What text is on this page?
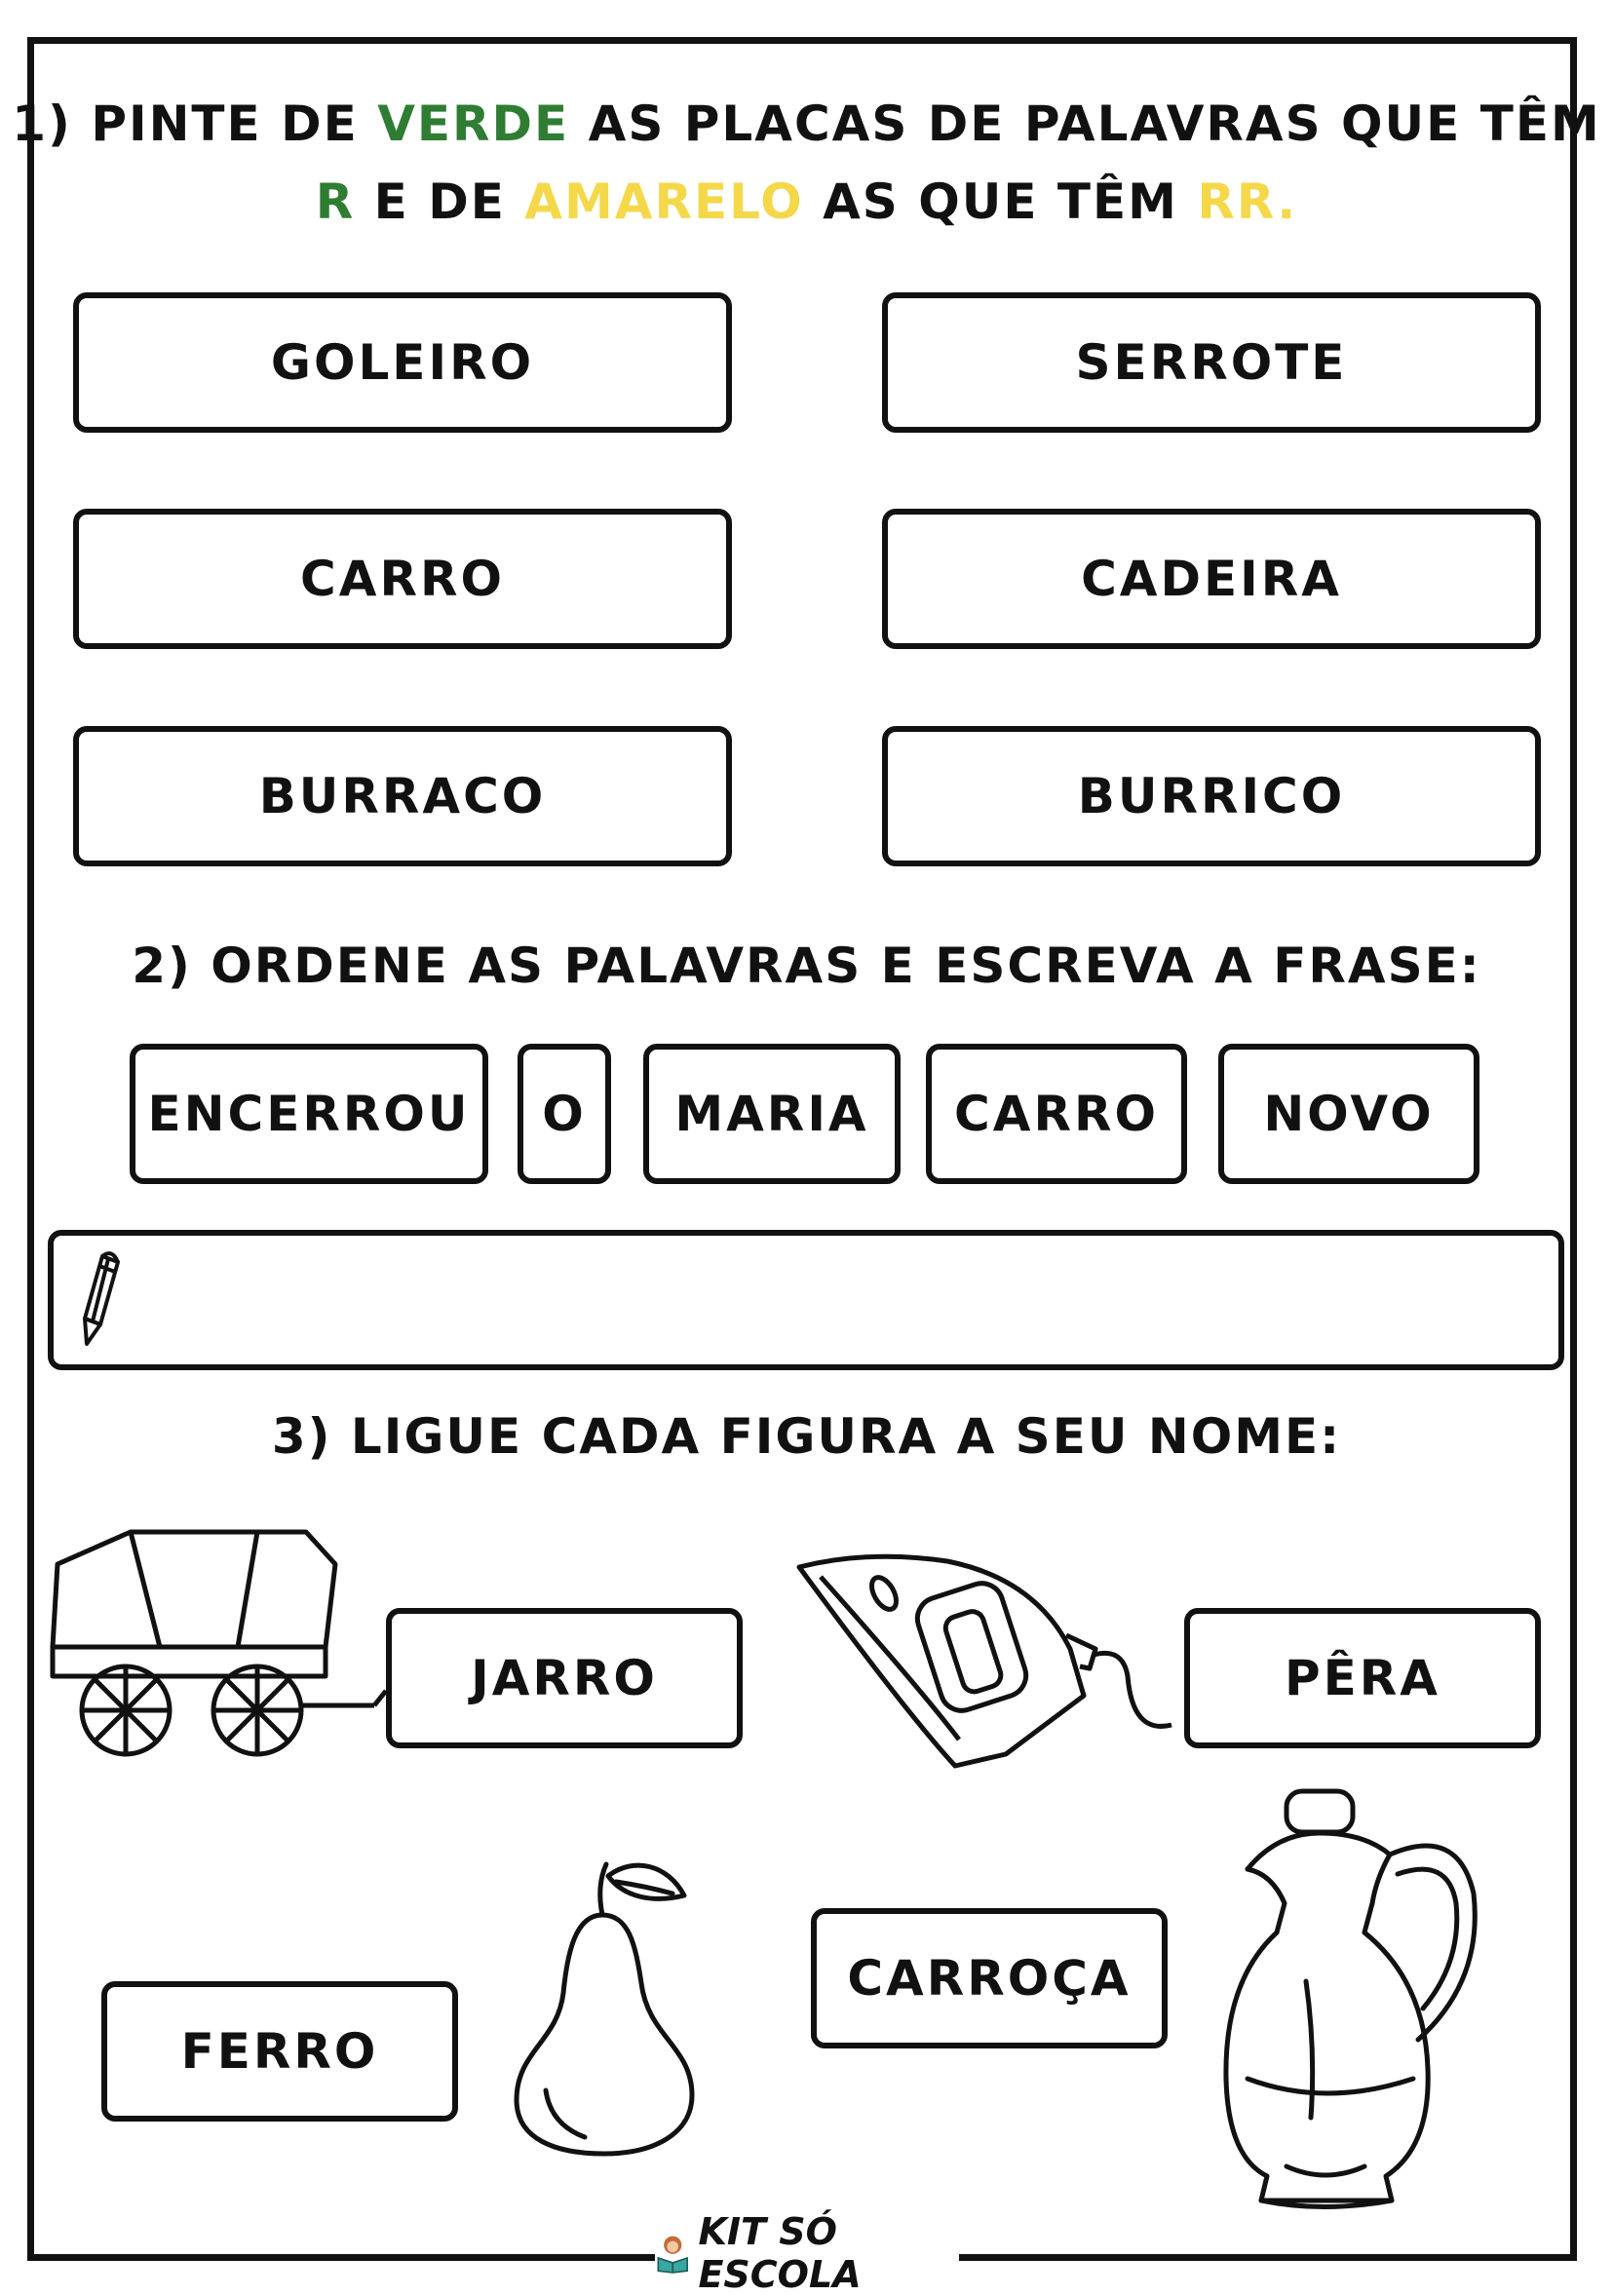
1) PINTE DE VERDE AS PLACAS DE PALAVRAS QUE TÊM
R E DE AMARELO AS QUE TÊM RR.
GOLEIRO	SERROTE
CARRO	CADEIRA
BURRACO	BURRICO
2) ORDENE AS PALAVRAS E ESCREVA A FRASE:
ENCERROU	O	MARIA	CARRO	NOVO
3) LIGUE CADA FIGURA A SEU NOME:
JARRO	PÊRA
FERRO
CARROÇA
KIT SÓ ESCOLA
